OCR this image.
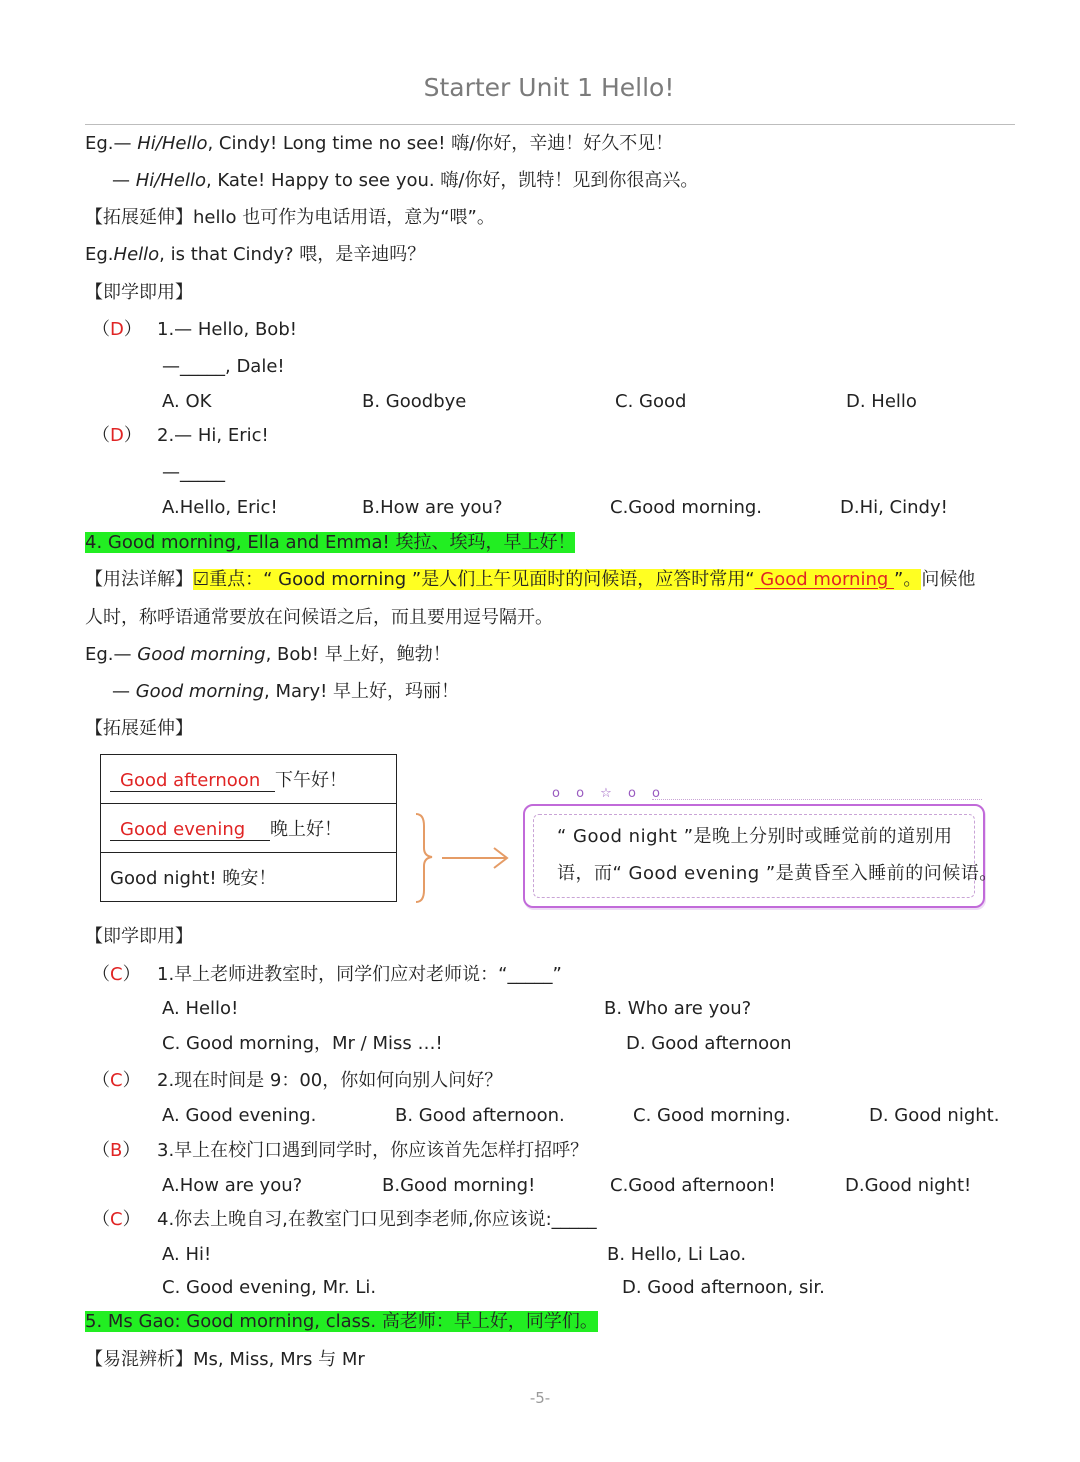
Starter Unit 1 Hello!
Eg.— Hi/Hello, Cindy! Long time no see! 嗨/你好，辛迪！好久不见！
— Hi/Hello, Kate! Happy to see you. 嗨/你好，凯特！见到你很高兴。
【拓展延伸】hello 也可作为电话用语，意为“喂”。
Eg.Hello, is that Cindy? 喂，是辛迪吗？
【即学即用】
（D） 1.— Hello, Bob!
—_____, Dale!
A. OK	B. Goodbye	C. Good	D. Hello
（D） 2.— Hi, Eric!
—_____
A.Hello, Eric!	B.How are you?	C.Good morning.	D.Hi, Cindy!
4. Good morning, Ella and Emma! 埃拉、埃玛，早上好！
【用法详解】☑重点：“ Good morning ”是人们上午见面时的问候语，应答时常用“ Good morning ”。问候他
人时，称呼语通常要放在问候语之后，而且要用逗号隔开。
Eg.— Good morning, Bob! 早上好，鲍勃！
— Good morning, Mary! 早上好，玛丽！
【拓展延伸】
Good afternoon 下午好！
Good evening 晚上好！
Good night! 晚安！
o o ☆ o o
“ Good night ”是晚上分别时或睡觉前的道别用
语，而“ Good evening ”是黄昏至入睡前的问候语。
【即学即用】
（C） 1.早上老师进教室时，同学们应对老师说：“_____”
A. Hello!	B. Who are you?
C. Good morning，Mr / Miss …!	D. Good afternoon
（C） 2.现在时间是 9：00，你如何向别人问好？
A. Good evening.	B. Good afternoon.	C. Good morning.	D. Good night.
（B） 3.早上在校门口遇到同学时，你应该首先怎样打招呼？
A.How are you?	B.Good morning!	C.Good afternoon!	D.Good night!
（C） 4.你去上晚自习,在教室门口见到李老师,你应该说:_____
A. Hi!	B. Hello, Li Lao.
C. Good evening, Mr. Li.	D. Good afternoon, sir.
5. Ms Gao: Good morning, class. 高老师：早上好，同学们。
【易混辨析】Ms, Miss, Mrs 与 Mr
-5-
